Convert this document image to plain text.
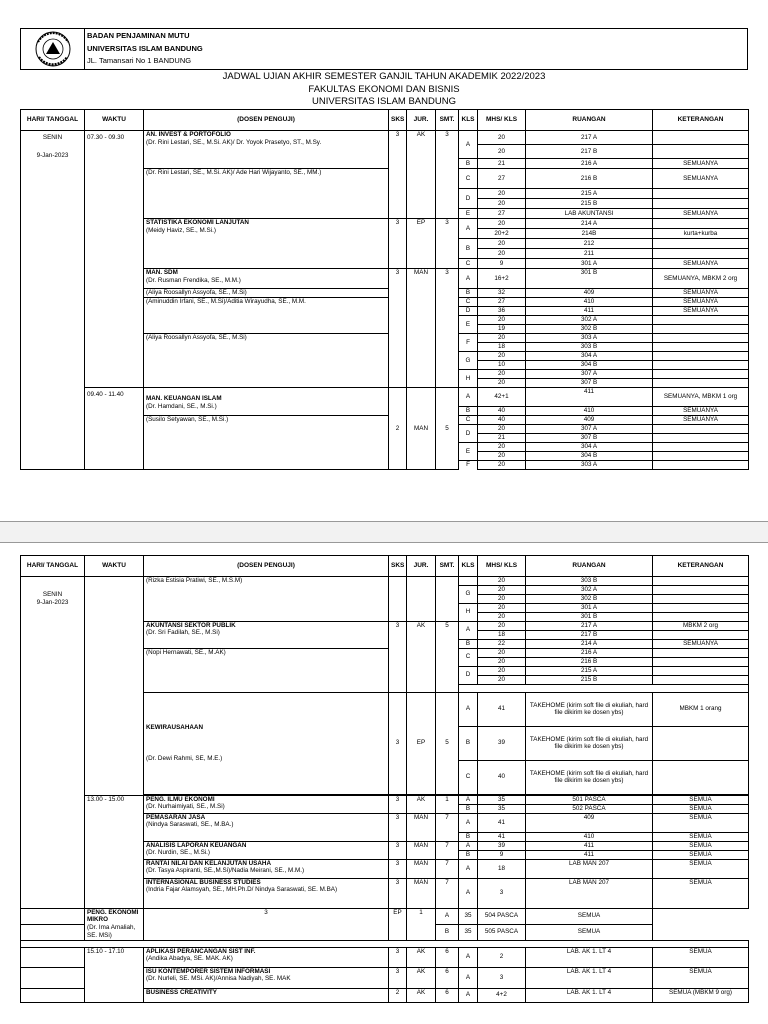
BADAN PENJAMINAN MUTU
UNIVERSITAS ISLAM BANDUNG
JL. Tamansari No 1 BANDUNG
JADWAL UJIAN AKHIR SEMESTER GANJIL TAHUN AKADEMIK 2022/2023
FAKULTAS EKONOMI DAN BISNIS
UNIVERSITAS ISLAM BANDUNG
HARI/ TANGGAL	WAKTU	(DOSEN PENGUJI)	SKS	JUR.	SMT.	KLS	MHS/ KLS	RUANGAN	KETERANGAN

SENIN
9-Jan-2023	07.30 - 09.30	AN. INVEST & PORTOFOLIO
(Dr. Rini Lestari, SE., M.Si. AK)/ Dr. Yoyok Prasetyo, ST., M.Sy.	3	AK	3	A	20	217 A	
							20	217 B	
						B	21	216 A	SEMUANYA
		(Dr. Rini Lestari, SE., M.Si. AK)/ Ade Hari Wijayanto, SE., MM.)				C	27	216 B	SEMUANYA
						D	20	215 A	
							20	215 B	
						E	27	LAB AKUNTANSI	SEMUANYA
		STATISTIKA EKONOMI LANJUTAN
(Meidy Haviz, SE., M.Si.)	3	EP	3	A	20	214 A	
							20+2	214B	kurta+kurba
						B	20	212	
							20	211	
						C	9	301 A	SEMUANYA
		MAN. SDM
(Dr. Rusman Frendika, SE., M.M.)	3	MAN	3	A	16+2	301 B	SEMUANYA, MBKM 2 org
		(Aliya Roosallyn Assyofa, SE., M.Si)				B	32	409	SEMUANYA
		(Aminuddin Irfani, SE., M.Si)/Aditia Wirayudha, SE., M.M.				C	27	410	SEMUANYA
						D	36	411	SEMUANYA
						E	20	302 A	
							19	302 B	
		(Aliya Roosallyn Assyofa, SE., M.Si)				F	20	303 A	
							18	303 B	
						G	20	304 A	
							10	304 B	
						H	20	307 A	
							20	307 B	
	09.40 - 11.40	MAN. KEUANGAN ISLAM
(Dr. Hamdani, SE., M.Si.)	2	MAN	5	A	42+1	411	SEMUANYA, MBKM 1 org
						B	40	410	SEMUANYA
		(Susilo Setyawan, SE., M.Si.)				C	40	409	SEMUANYA
						D	20	307 A	
							21	307 B	
						E	20	304 A	
							20	304 B	
						F	20	303 A	
HARI/ TANGGAL	WAKTU	(DOSEN PENGUJI)	SKS	JUR.	SMT.	KLS	MHS/ KLS	RUANGAN	KETERANGAN

SENIN
9-Jan-2023		(Rizka Estisia Pratiwi, SE., M.S.M)					20	303 B	
						G	20	302 A	
							20	302 B	
						H	20	301 A	
							20	301 B	
		AKUNTANSI SEKTOR PUBLIK
(Dr. Sri Fadilah, SE., M.Si)	3	AK	5	A	20	217 A	MBKM 2 org
							18	217 B	
						B	22	214 A	SEMUANYA
		(Nopi Hernawati, SE., M.AK)				C	20	216 A	
							20	216 B	
						D	20	215 A	
							20	215 B	

		KEWIRAUSAHAAN

(Dr. Dewi Rahmi, SE, M.E.)	3	EP	5	A	41	TAKEHOME (kirim soft file di ekuliah, hard file dikirim ke dosen ybs)	MBKM 1 orang
						B	39	TAKEHOME (kirim soft file di ekuliah, hard file dikirim ke dosen ybs)	
						C	40	TAKEHOME (kirim soft file di ekuliah, hard file dikirim ke dosen ybs)	

	13.00 - 15.00	PENG. ILMU EKONOMI
(Dr. Nurhaimiyati, SE., M.Si)	3	AK	1	A	35	501 PASCA	SEMUA
						B	35	502 PASCA	SEMUA
		PEMASARAN JASA
(Nindya Saraswati, SE., M.BA.)	3	MAN	7	A	41	409	SEMUA
						B	41	410	SEMUA
		ANALISIS LAPORAN KEUANGAN
(Dr. Nurdin, SE., M.Si.)	3	MAN	7	A	39	411	SEMUA
						B	9	411	SEMUA
		RANTAI NILAI DAN KELANJUTAN USAHA
(Dr. Tasya Aspiranti, SE.,M.Si)/Nadia Meirani, SE., M.M.)	3	MAN	7	A	18	LAB MAN 207	SEMUA
		INTERNASIONAL BUSINESS STUDIES
(Indria Fajar Alamsyah, SE., MH.Ph.D/ Nindya Saraswati, SE. M.BA)	3	MAN	7	A	3	LAB MAN 207	SEMUA
	PENG. EKONOMI MIKRO
(Dr. Ima Amaliah, SE. MSi)	3	EP	1	A	35	504 PASCA	SEMUA	
					B	35	505 PASCA	SEMUA	

	15.10 - 17.10	APLIKASI PERANCANGAN SIST INF.
(Andika Abadya, SE. MAK. AK)	3	AK	6	A	2	LAB. AK 1. LT 4	SEMUA
		ISU KONTEMPORER SISTEM INFORMASI
(Dr. Nurleli, SE. MSi. AK)/Annisa Nadiyah, SE. MAK	3	AK	6	A	3	LAB. AK 1. LT 4	SEMUA
		BUSINESS CREATIVITY	2	AK	6	A	4+2	LAB. AK 1. LT 4	SEMUA (MBKM 9 org)
